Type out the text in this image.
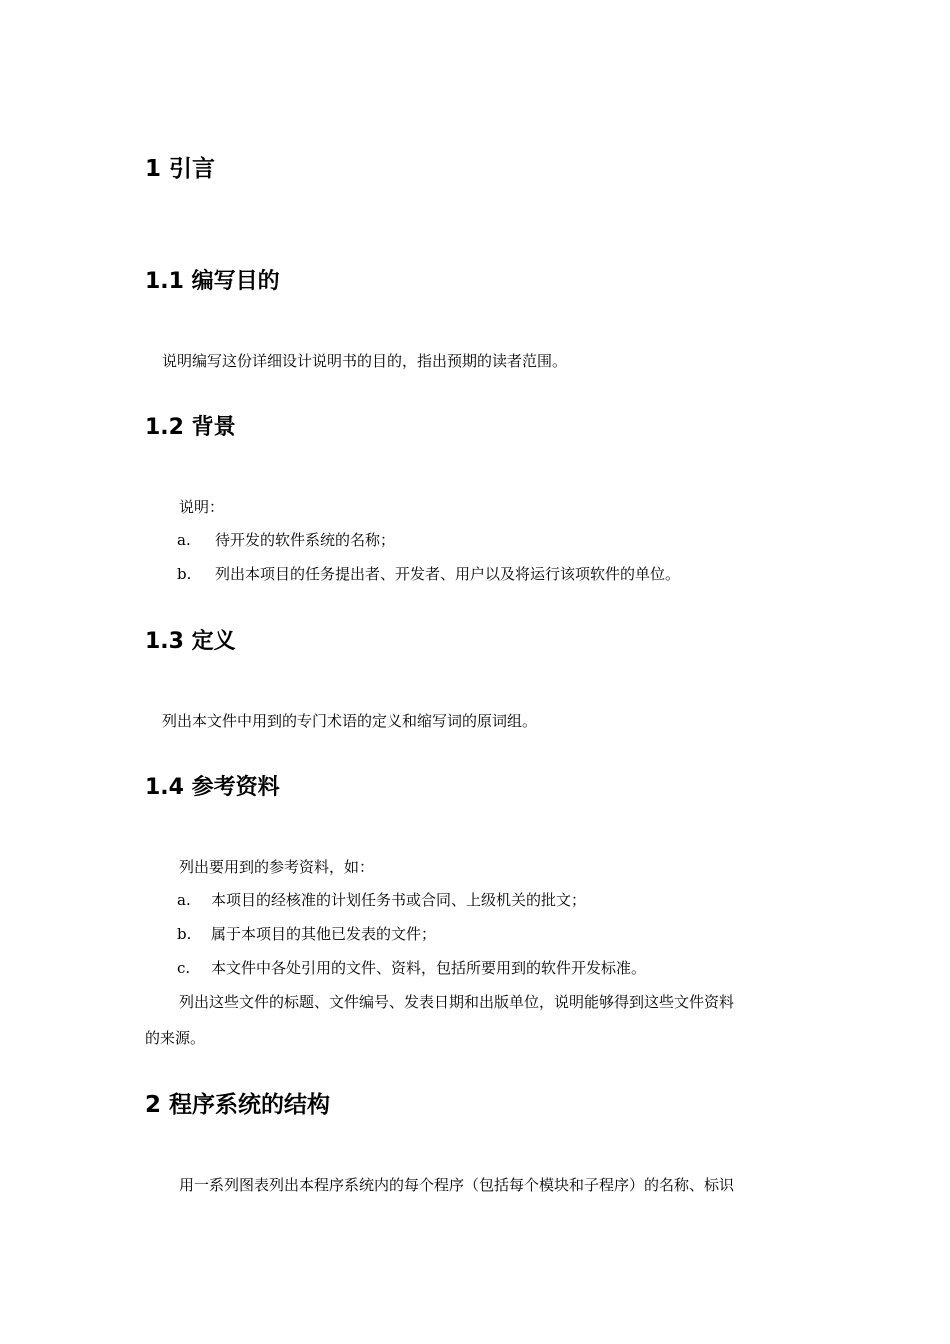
1 引言
1.1 编写目的
说明编写这份详细设计说明书的目的，指出预期的读者范围。
1.2 背景
说明：
a. 待开发的软件系统的名称；
b. 列出本项目的任务提出者、开发者、用户以及将运行该项软件的单位。
1.3 定义
列出本文件中用到的专门术语的定义和缩写词的原词组。
1.4 参考资料
列出要用到的参考资料，如：
a. 本项目的经核准的计划任务书或合同、上级机关的批文；
b. 属于本项目的其他已发表的文件；
c. 本文件中各处引用的文件、资料，包括所要用到的软件开发标准。
列出这些文件的标题、文件编号、发表日期和出版单位，说明能够得到这些文件资料
的来源。
2 程序系统的结构
用一系列图表列出本程序系统内的每个程序（包括每个模块和子程序）的名称、标识
